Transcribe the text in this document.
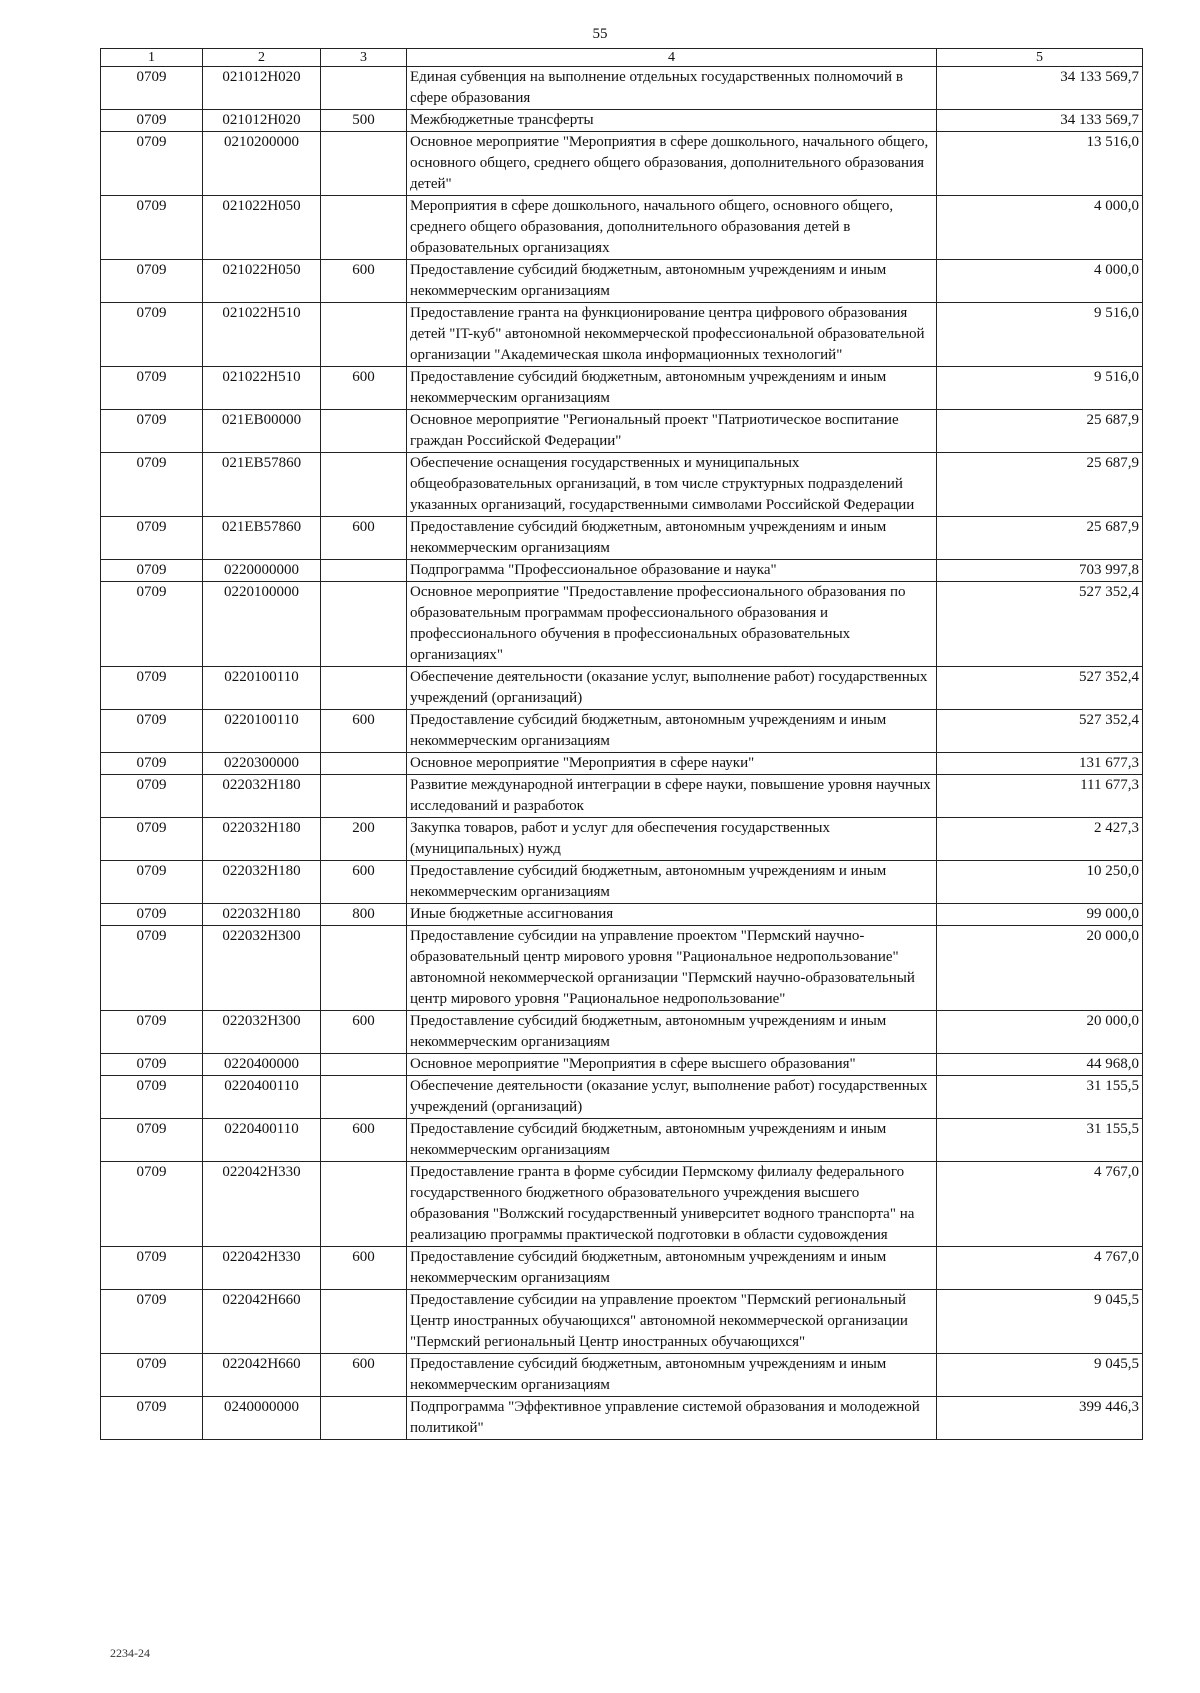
55
1	2	3	4	5
0709	021012H020		Единая субвенция на выполнение отдельных государственных полномочий в сфере образования	34 133 569,7
0709	021012H020	500	Межбюджетные трансферты	34 133 569,7
0709	0210200000		Основное мероприятие "Мероприятия в сфере дошкольного, начального общего, основного общего, среднего общего образования, дополнительного образования детей"	13 516,0
0709	021022H050		Мероприятия в сфере дошкольного, начального общего, основного общего, среднего общего образования, дополнительного образования детей в образовательных организациях	4 000,0
0709	021022H050	600	Предоставление субсидий бюджетным, автономным учреждениям и иным некоммерческим организациям	4 000,0
0709	021022H510		Предоставление гранта на функционирование центра цифрового образования детей "IT-куб" автономной некоммерческой профессиональной образовательной организации "Академическая школа информационных технологий"	9 516,0
0709	021022H510	600	Предоставление субсидий бюджетным, автономным учреждениям и иным некоммерческим организациям	9 516,0
0709	021EB00000		Основное мероприятие "Региональный проект "Патриотическое воспитание граждан Российской Федерации"	25 687,9
0709	021EB57860		Обеспечение оснащения государственных и муниципальных общеобразовательных организаций, в том числе структурных подразделений указанных организаций, государственными символами Российской Федерации	25 687,9
0709	021EB57860	600	Предоставление субсидий бюджетным, автономным учреждениям и иным некоммерческим организациям	25 687,9
0709	0220000000		Подпрограмма "Профессиональное образование и наука"	703 997,8
0709	0220100000		Основное мероприятие "Предоставление профессионального образования по образовательным программам профессионального образования и профессионального обучения в профессиональных образовательных организациях"	527 352,4
0709	0220100110		Обеспечение деятельности (оказание услуг, выполнение работ) государственных учреждений (организаций)	527 352,4
0709	0220100110	600	Предоставление субсидий бюджетным, автономным учреждениям и иным некоммерческим организациям	527 352,4
0709	0220300000		Основное мероприятие "Мероприятия в сфере науки"	131 677,3
0709	022032H180		Развитие международной интеграции в сфере науки, повышение уровня научных исследований и разработок	111 677,3
0709	022032H180	200	Закупка товаров, работ и услуг для обеспечения государственных (муниципальных) нужд	2 427,3
0709	022032H180	600	Предоставление субсидий бюджетным, автономным учреждениям и иным некоммерческим организациям	10 250,0
0709	022032H180	800	Иные бюджетные ассигнования	99 000,0
0709	022032H300		Предоставление субсидии на управление проектом "Пермский научно-образовательный центр мирового уровня "Рациональное недропользование" автономной некоммерческой организации "Пермский научно-образовательный центр мирового уровня "Рациональное недропользование"	20 000,0
0709	022032H300	600	Предоставление субсидий бюджетным, автономным учреждениям и иным некоммерческим организациям	20 000,0
0709	0220400000		Основное мероприятие "Мероприятия в сфере высшего образования"	44 968,0
0709	0220400110		Обеспечение деятельности (оказание услуг, выполнение работ) государственных учреждений (организаций)	31 155,5
0709	0220400110	600	Предоставление субсидий бюджетным, автономным учреждениям и иным некоммерческим организациям	31 155,5
0709	022042H330		Предоставление гранта в форме субсидии Пермскому филиалу федерального государственного бюджетного образовательного учреждения высшего образования "Волжский государственный университет водного транспорта" на реализацию программы практической подготовки в области судовождения	4 767,0
0709	022042H330	600	Предоставление субсидий бюджетным, автономным учреждениям и иным некоммерческим организациям	4 767,0
0709	022042H660		Предоставление субсидии на управление проектом "Пермский региональный Центр иностранных обучающихся" автономной некоммерческой организации "Пермский региональный Центр иностранных обучающихся"	9 045,5
0709	022042H660	600	Предоставление субсидий бюджетным, автономным учреждениям и иным некоммерческим организациям	9 045,5
0709	0240000000		Подпрограмма "Эффективное управление системой образования и молодежной политикой"	399 446,3
2234-24
